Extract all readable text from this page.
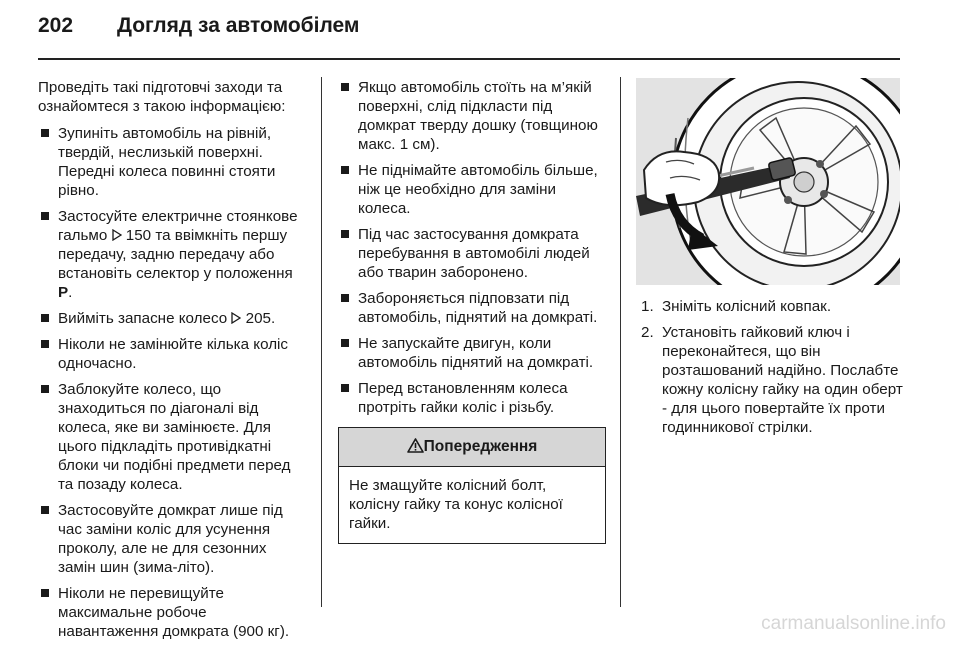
202 Догляд за автомобілем

Проведіть такі підготовчі заходи та ознайомтеся з такою інформацією:

Зупиніть автомобіль на рівній, твердій, неслизькій поверхні. Передні колеса повинні стояти рівно.
Застосуйте електричне стоянкове гальмо  150 та ввімкніть першу передачу, задню передачу або встановіть селектор у положення P.
Вийміть запасне колесо  205.
Ніколи не замінюйте кілька коліс одночасно.
Заблокуйте колесо, що знаходиться по діагоналі від колеса, яке ви замінюєте. Для цього підкладіть противідкатні блоки чи подібні предмети перед та позаду колеса.
Застосовуйте домкрат лише під час заміни коліс для усунення проколу, але не для сезонних замін шин (зима-літо).
Ніколи не перевищуйте максимальне робоче навантаження домкрата (900 кг).
Якщо автомобіль стоїть на м’якій поверхні, слід підкласти під домкрат тверду дошку (товщиною макс. 1 см).
Не піднімайте автомобіль більше, ніж це необхідно для заміни колеса.
Під час застосування домкрата перебування в автомобілі людей або тварин заборонено.
Забороняється підповзати під автомобіль, піднятий на домкраті.
Не запускайте двигун, коли автомобіль піднятий на домкраті.
Перед встановленням колеса протріть гайки коліс і різьбу.
Попередження
Не змащуйте колісний болт, колісну гайку та конус колісної гайки.
1. Зніміть колісний ковпак.
2. Установіть гайковий ключ і переконайтеся, що він розташований надійно. Послабте кожну колісну гайку на один оберт - для цього повертайте їх проти годинникової стрілки.
carmanualsonline.info
